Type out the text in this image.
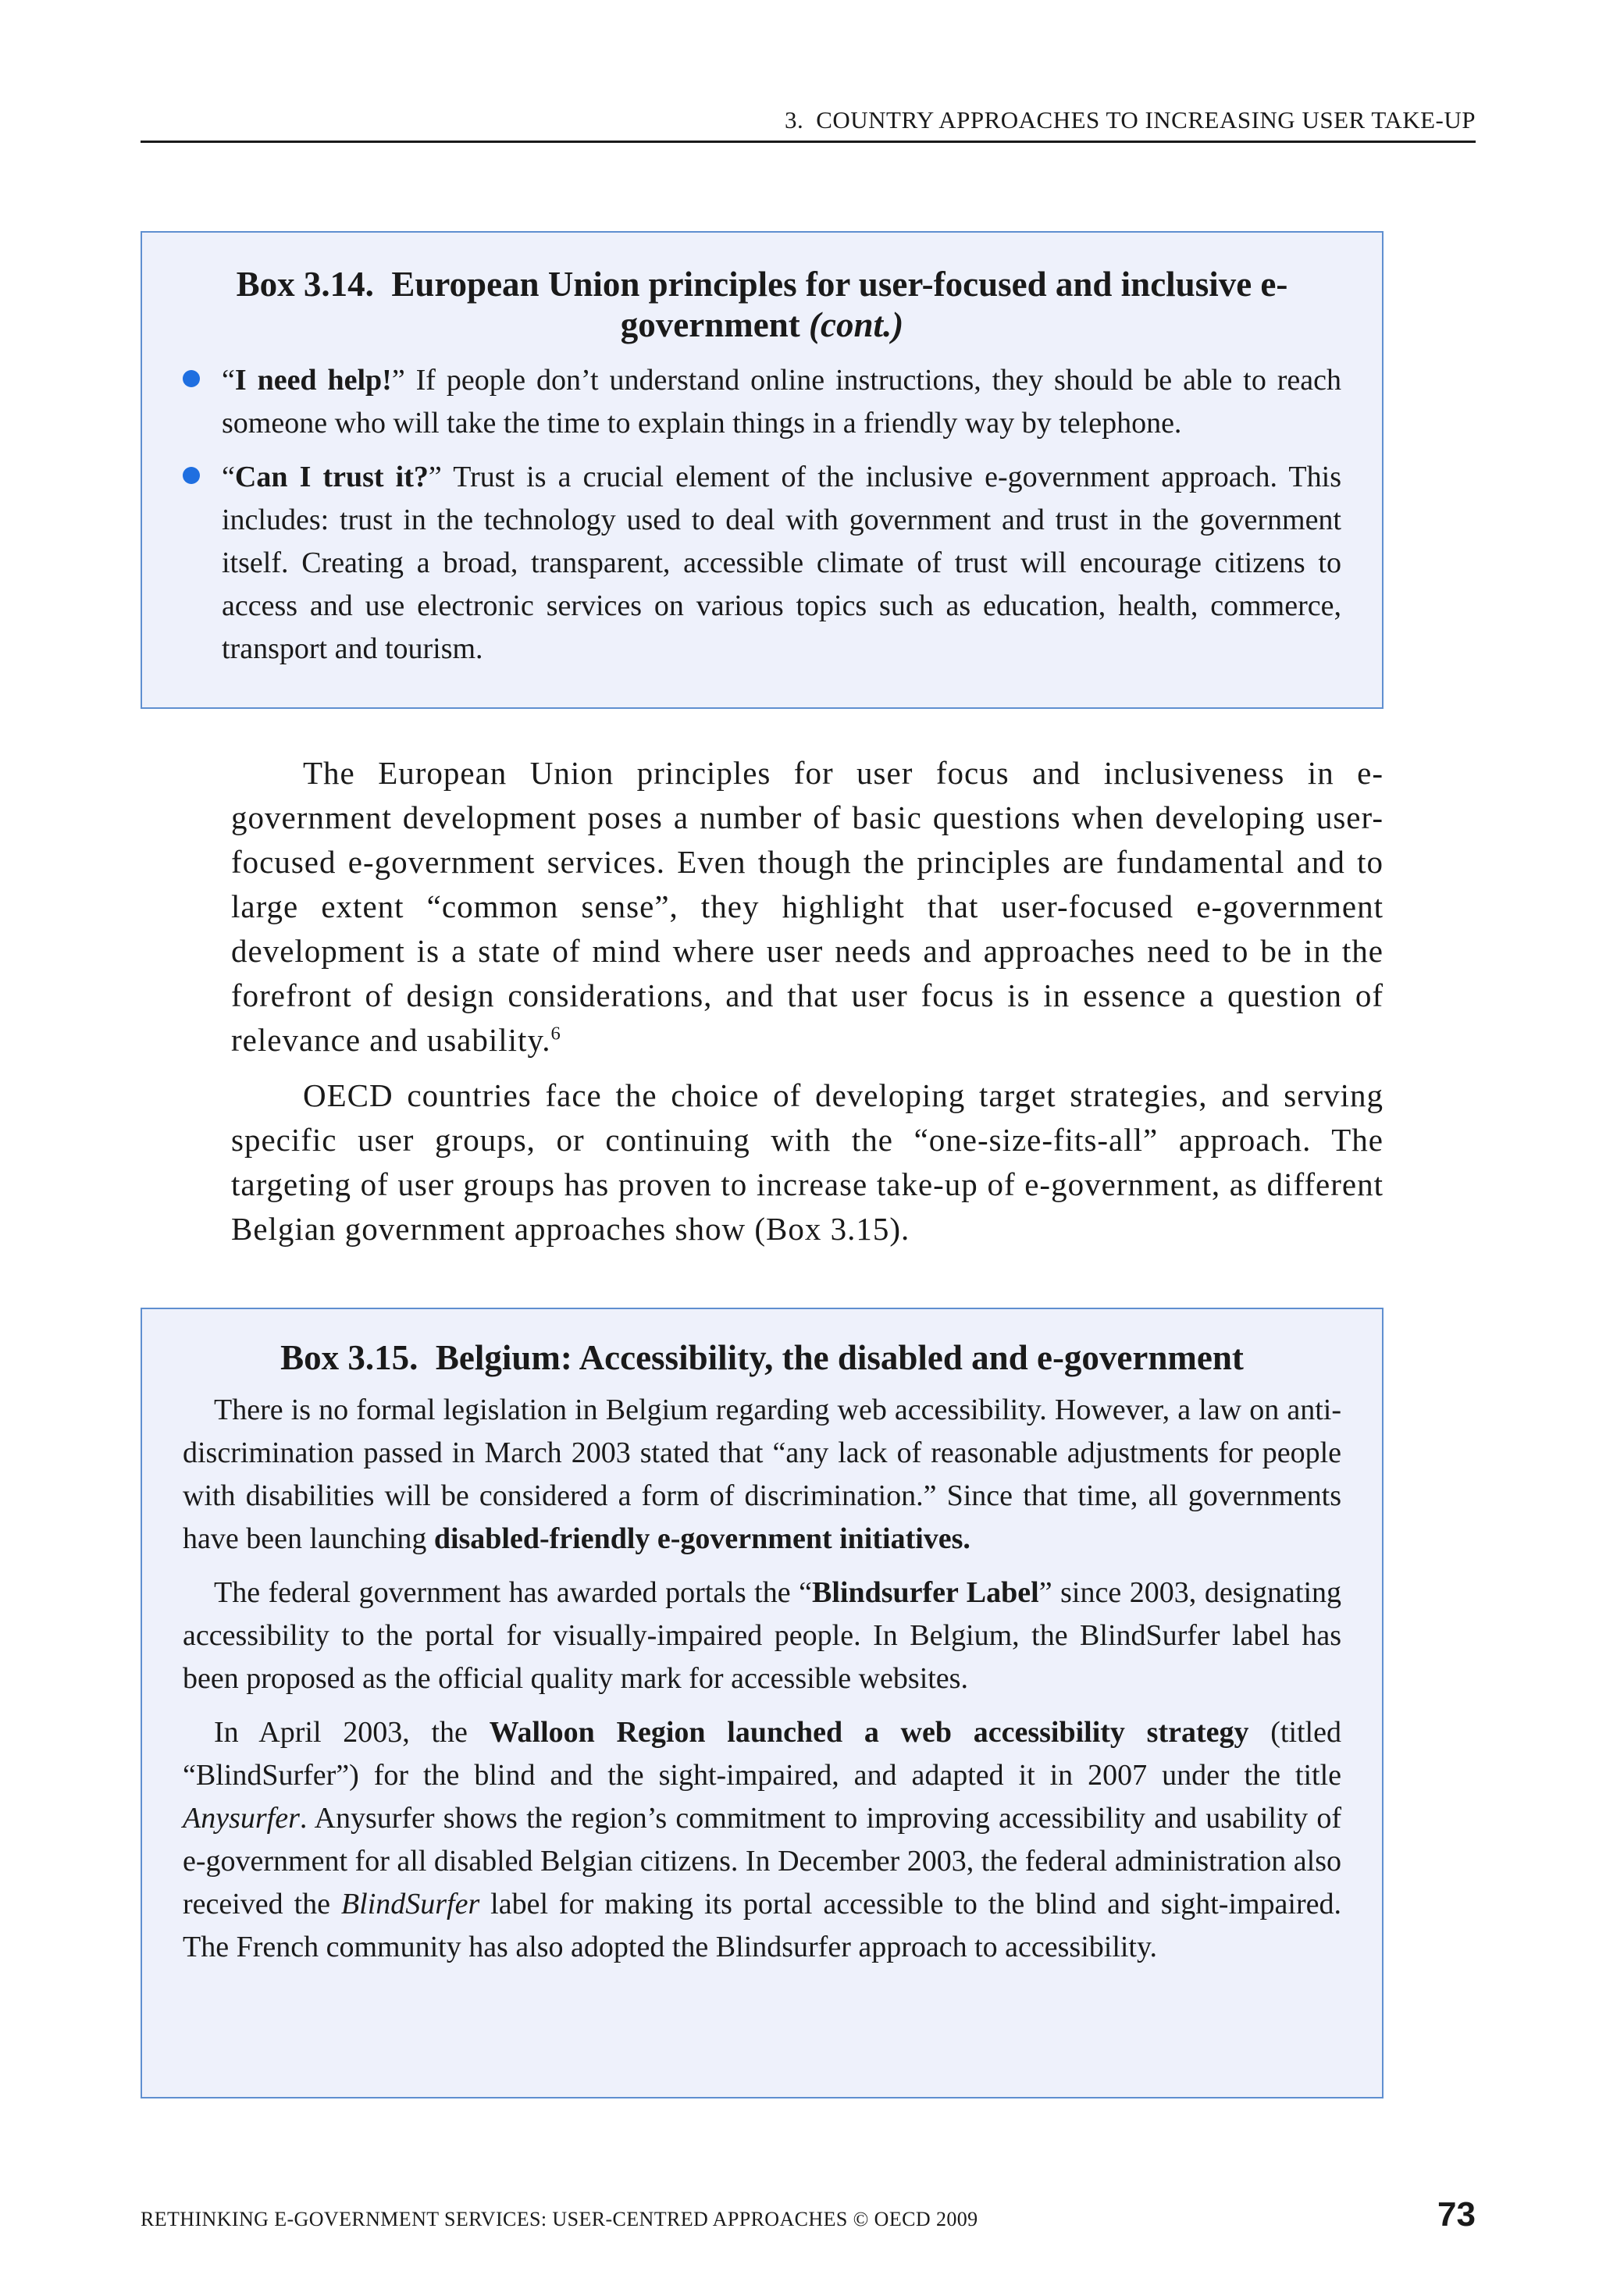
3. COUNTRY APPROACHES TO INCREASING USER TAKE-UP
Box 3.14. European Union principles for user-focused and inclusive e-government (cont.)
“I need help!” If people don’t understand online instructions, they should be able to reach someone who will take the time to explain things in a friendly way by telephone.
“Can I trust it?” Trust is a crucial element of the inclusive e-government approach. This includes: trust in the technology used to deal with government and trust in the government itself. Creating a broad, transparent, accessible climate of trust will encourage citizens to access and use electronic services on various topics such as education, health, commerce, transport and tourism.

The European Union principles for user focus and inclusiveness in e-government development poses a number of basic questions when developing user-focused e-government services. Even though the principles are fundamental and to large extent “common sense”, they highlight that user-focused e-government development is a state of mind where user needs and approaches need to be in the forefront of design considerations, and that user focus is in essence a question of relevance and usability.$^6$

OECD countries face the choice of developing target strategies, and serving specific user groups, or continuing with the “one-size-fits-all” approach. The targeting of user groups has proven to increase take-up of e-government, as different Belgian government approaches show (Box 3.15).

Box 3.15. Belgium: Accessibility, the disabled and e-government

There is no formal legislation in Belgium regarding web accessibility. However, a law on anti-discrimination passed in March 2003 stated that “any lack of reasonable adjustments for people with disabilities will be considered a form of discrimination.” Since that time, all governments have been launching disabled-friendly e-government initiatives.

The federal government has awarded portals the “Blindsurfer Label” since 2003, designating accessibility to the portal for visually-impaired people. In Belgium, the BlindSurfer label has been proposed as the official quality mark for accessible websites.

In April 2003, the Walloon Region launched a web accessibility strategy (titled “BlindSurfer”) for the blind and the sight-impaired, and adapted it in 2007 under the title Anysurfer. Anysurfer shows the region’s commitment to improving accessibility and usability of e-government for all disabled Belgian citizens. In December 2003, the federal administration also received the BlindSurfer label for making its portal accessible to the blind and sight-impaired. The French community has also adopted the Blindsurfer approach to accessibility.

RETHINKING E-GOVERNMENT SERVICES: USER-CENTRED APPROACHES © OECD 2009	73
